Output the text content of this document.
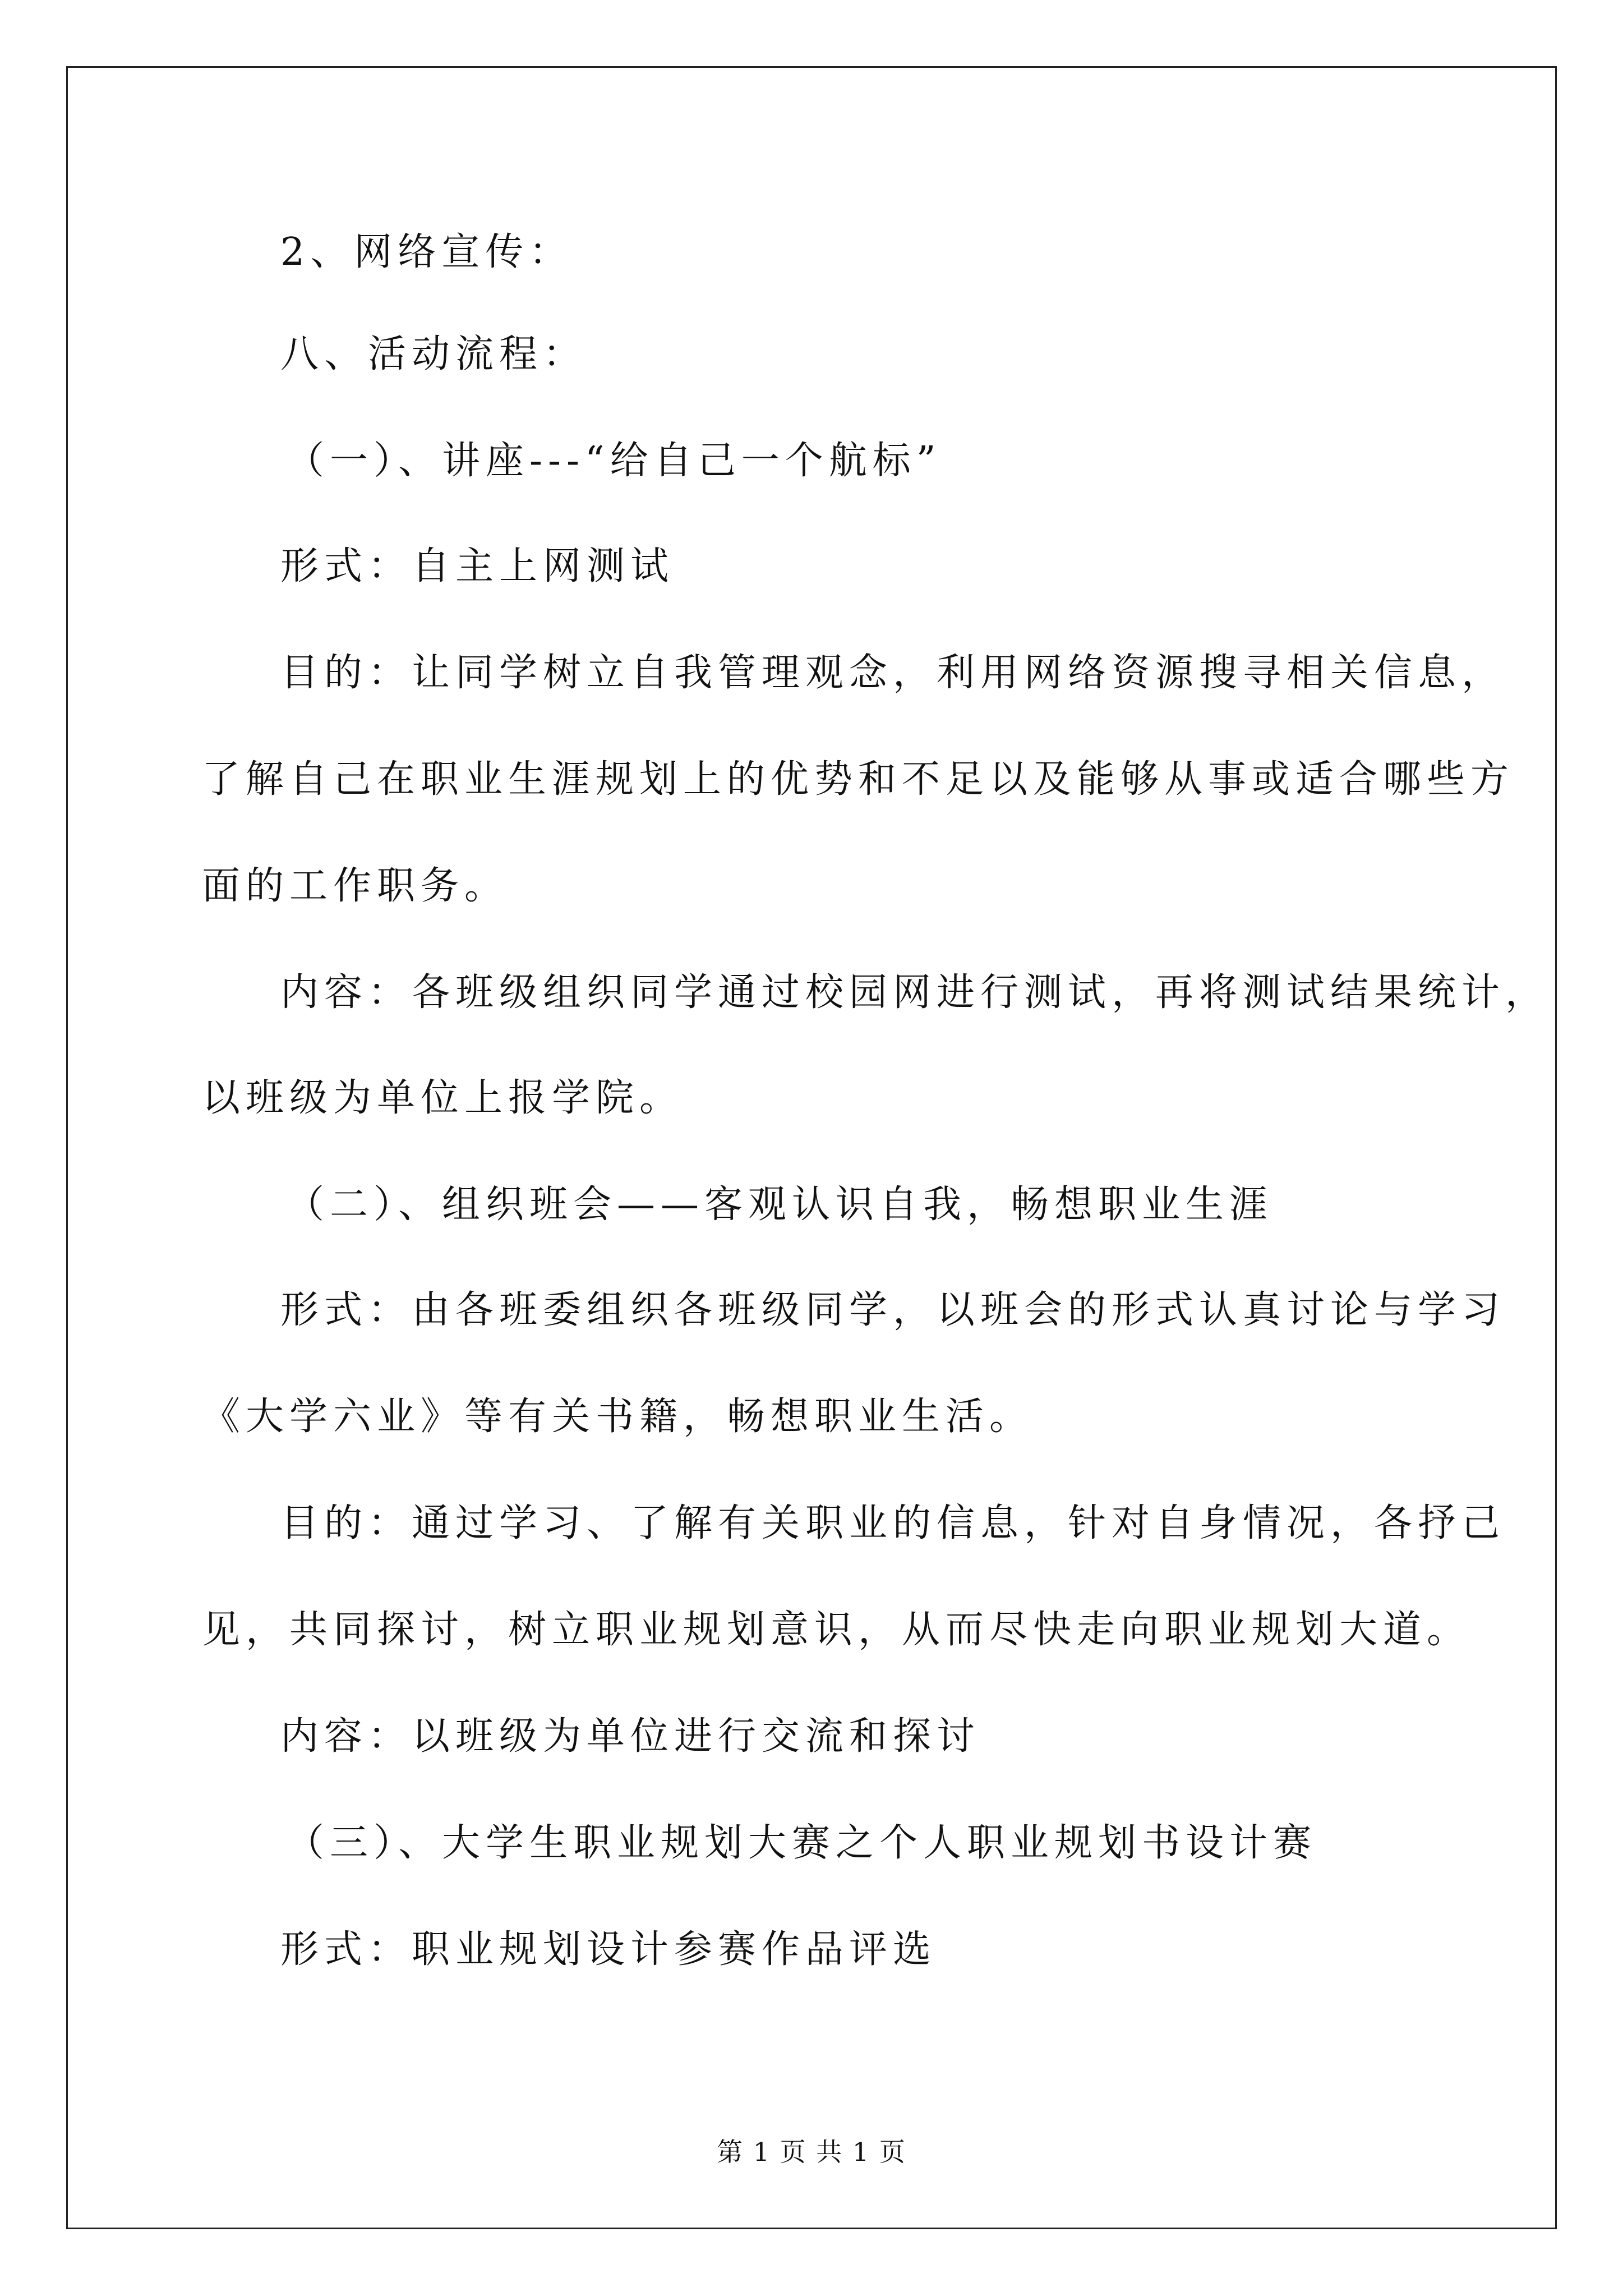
2、网络宣传：
八、活动流程：
（一）、讲座---“给自己一个航标”
形式：自主上网测试
目的：让同学树立自我管理观念，利用网络资源搜寻相关信息，
了解自己在职业生涯规划上的优势和不足以及能够从事或适合哪些方
面的工作职务。
内容：各班级组织同学通过校园网进行测试，再将测试结果统计，
以班级为单位上报学院。
（二）、组织班会——客观认识自我，畅想职业生涯
形式：由各班委组织各班级同学，以班会的形式认真讨论与学习
《大学六业》等有关书籍，畅想职业生活。
目的：通过学习、了解有关职业的信息，针对自身情况，各抒己
见，共同探讨，树立职业规划意识，从而尽快走向职业规划大道。
内容：以班级为单位进行交流和探讨
（三）、大学生职业规划大赛之个人职业规划书设计赛
形式：职业规划设计参赛作品评选
第 1 页 共 1 页
